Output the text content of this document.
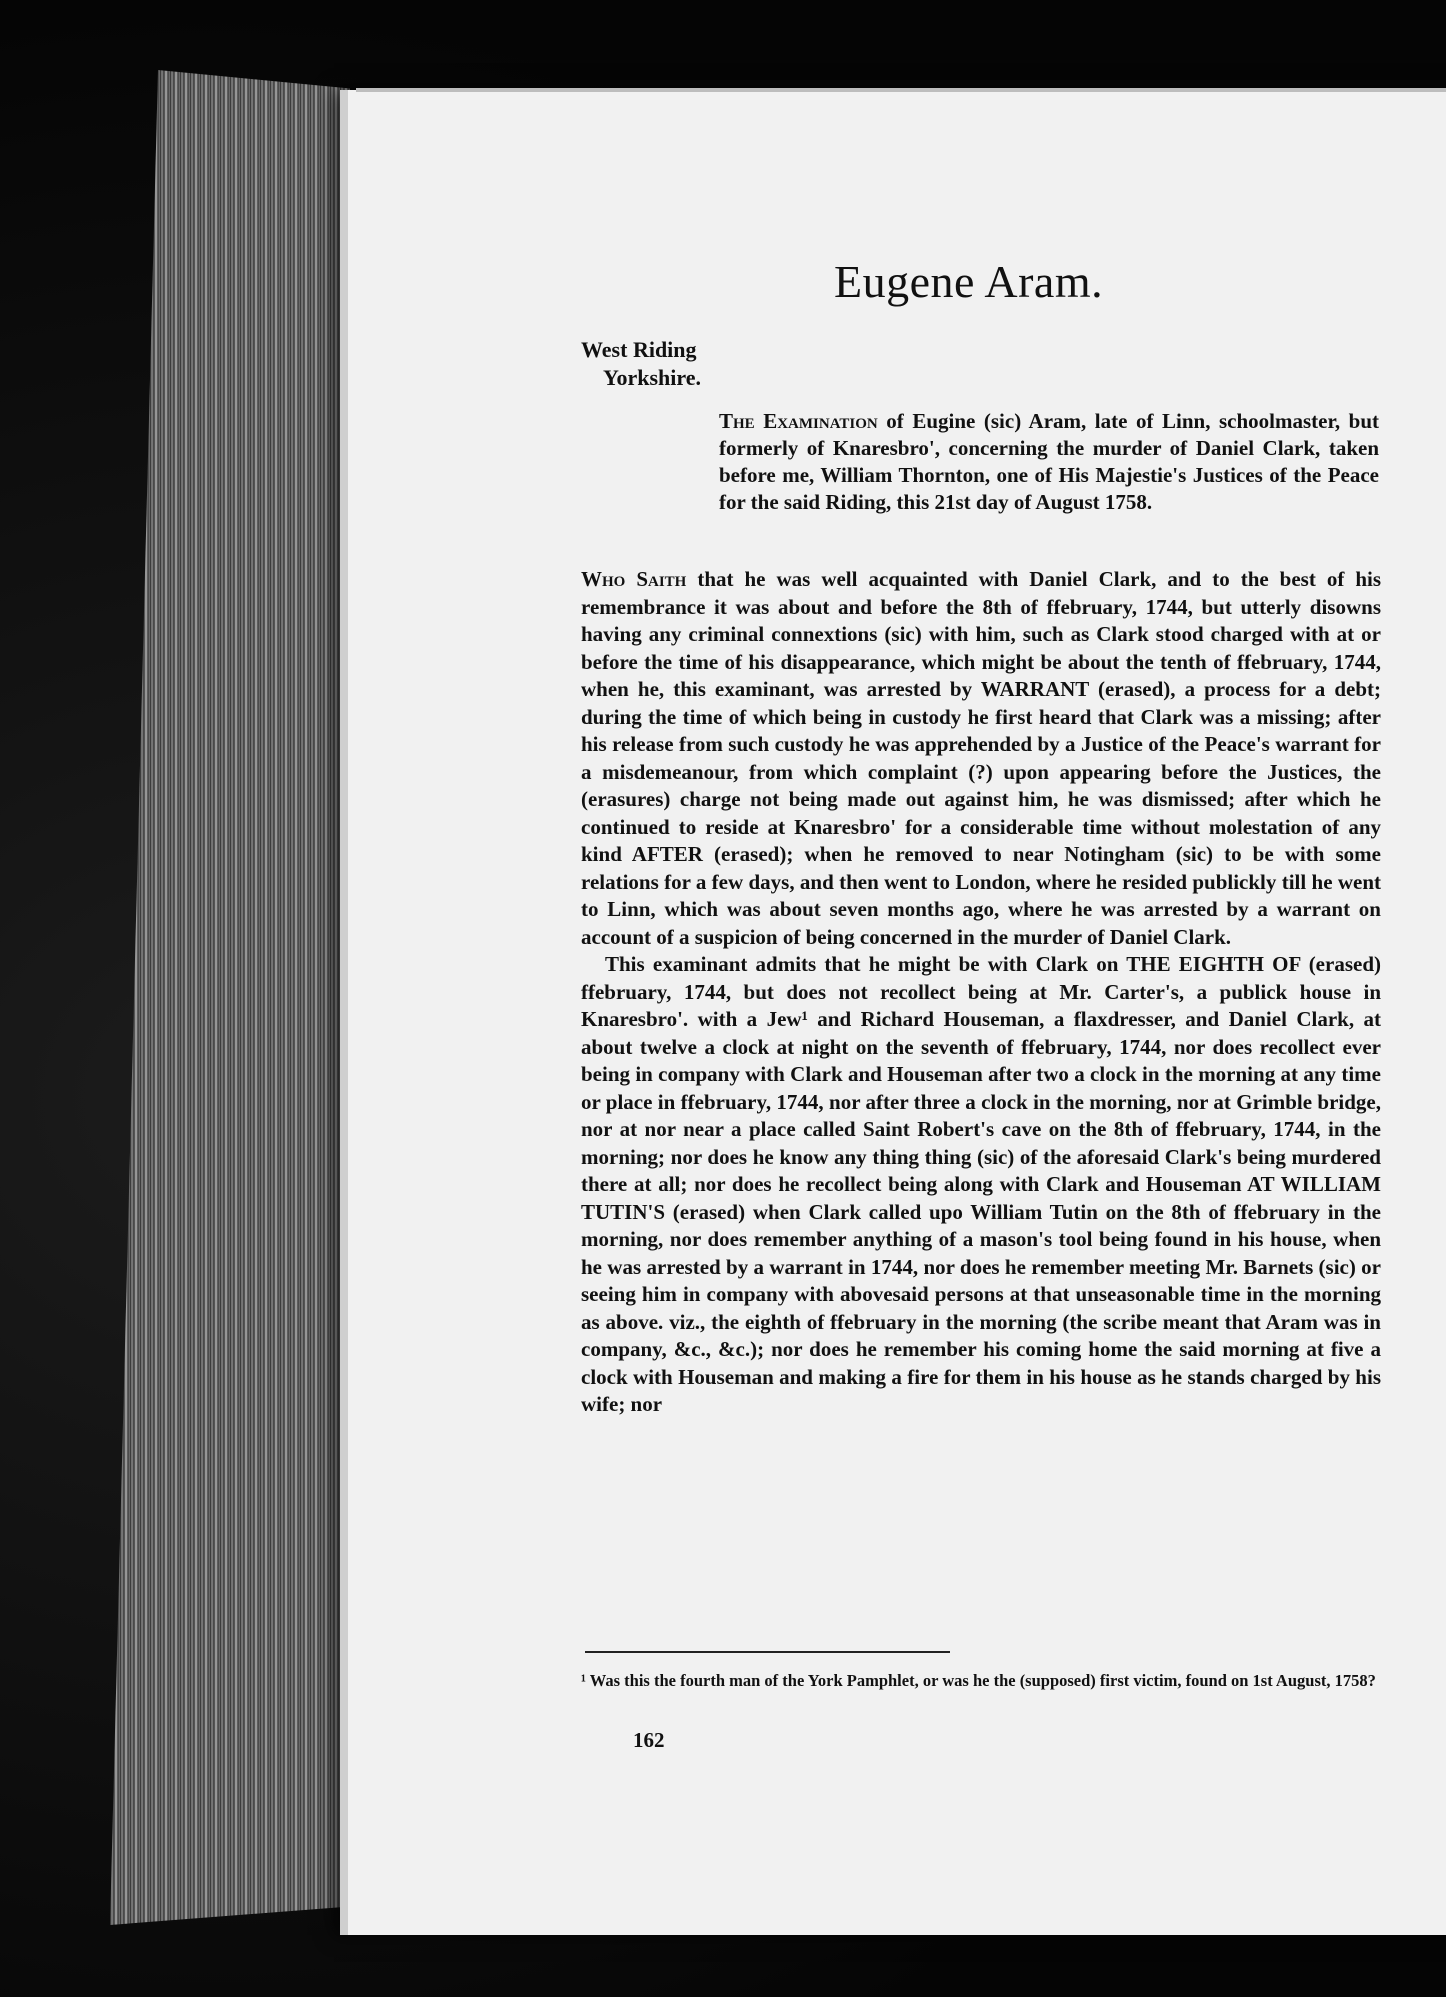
Eugene Aram.
West Riding
Yorkshire.

The Examination of Eugine (sic) Aram, late of Linn, schoolmaster, but formerly of Knaresbro', concerning the murder of Daniel Clark, taken before me, William Thornton, one of His Majestie's Justices of the Peace for the said Riding, this 21st day of August 1758.

Who Saith that he was well acquainted with Daniel Clark, and to the best of his remembrance it was about and before the 8th of ffebruary, 1744, but utterly disowns having any criminal connextions (sic) with him, such as Clark stood charged with at or before the time of his disappearance, which might be about the tenth of ffebruary, 1744, when he, this examinant, was arrested by WARRANT (erased), a process for a debt; during the time of which being in custody he first heard that Clark was a missing; after his release from such custody he was apprehended by a Justice of the Peace's warrant for a misdemeanour, from which complaint (?) upon appearing before the Justices, the (erasures) charge not being made out against him, he was dismissed; after which he continued to reside at Knaresbro' for a considerable time without molestation of any kind AFTER (erased); when he removed to near Notingham (sic) to be with some relations for a few days, and then went to London, where he resided publickly till he went to Linn, which was about seven months ago, where he was arrested by a warrant on account of a suspicion of being concerned in the murder of Daniel Clark.

This examinant admits that he might be with Clark on THE EIGHTH OF (erased) ffebruary, 1744, but does not recollect being at Mr. Carter's, a publick house in Knaresbro'. with a Jew¹ and Richard Houseman, a flaxdresser, and Daniel Clark, at about twelve a clock at night on the seventh of ffebruary, 1744, nor does recollect ever being in company with Clark and Houseman after two a clock in the morning at any time or place in ffebruary, 1744, nor after three a clock in the morning, nor at Grimble bridge, nor at nor near a place called Saint Robert's cave on the 8th of ffebruary, 1744, in the morning; nor does he know any thing thing (sic) of the aforesaid Clark's being murdered there at all; nor does he recollect being along with Clark and Houseman AT WILLIAM TUTIN'S (erased) when Clark called upo William Tutin on the 8th of ffebruary in the morning, nor does remember anything of a mason's tool being found in his house, when he was arrested by a warrant in 1744, nor does he remember meeting Mr. Barnets (sic) or seeing him in company with abovesaid persons at that unseasonable time in the morning as above. viz., the eighth of ffebruary in the morning (the scribe meant that Aram was in company, &c., &c.); nor does he remember his coming home the said morning at five a clock with Houseman and making a fire for them in his house as he stands charged by his wife; nor

¹ Was this the fourth man of the York Pamphlet, or was he the (supposed) first victim, found on 1st August, 1758?

162
